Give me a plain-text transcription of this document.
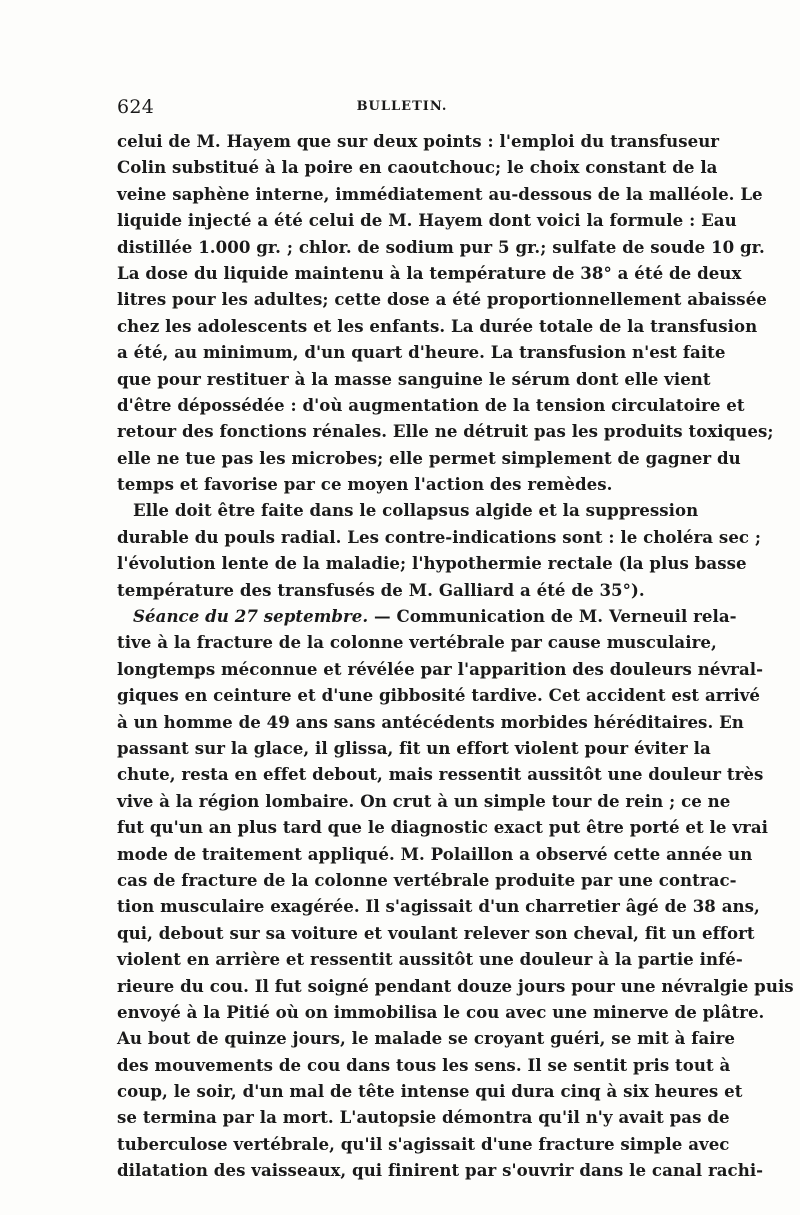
624	BULLETIN.
celui de M. Hayem que sur deux points : l'emploi du transfuseur
Colin substitué à la poire en caoutchouc; le choix constant de la
veine saphène interne, immédiatement au-dessous de la malléole. Le
liquide injecté a été celui de M. Hayem dont voici la formule : Eau
distillée 1.000 gr. ; chlor. de sodium pur 5 gr.; sulfate de soude 10 gr.
La dose du liquide maintenu à la température de 38° a été de deux
litres pour les adultes; cette dose a été proportionnellement abaissée
chez les adolescents et les enfants. La durée totale de la transfusion
a été, au minimum, d'un quart d'heure. La transfusion n'est faite
que pour restituer à la masse sanguine le sérum dont elle vient
d'être dépossédée : d'où augmentation de la tension circulatoire et
retour des fonctions rénales. Elle ne détruit pas les produits toxiques;
elle ne tue pas les microbes; elle permet simplement de gagner du
temps et favorise par ce moyen l'action des remèdes.
Elle doit être faite dans le collapsus algide et la suppression
durable du pouls radial. Les contre-indications sont : le choléra sec ;
l'évolution lente de la maladie; l'hypothermie rectale (la plus basse
température des transfusés de M. Galliard a été de 35°).
Séance du 27 septembre. — Communication de M. Verneuil rela-
tive à la fracture de la colonne vertébrale par cause musculaire,
longtemps méconnue et révélée par l'apparition des douleurs névral-
giques en ceinture et d'une gibbosité tardive. Cet accident est arrivé
à un homme de 49 ans sans antécédents morbides héréditaires. En
passant sur la glace, il glissa, fit un effort violent pour éviter la
chute, resta en effet debout, mais ressentit aussitôt une douleur très
vive à la région lombaire. On crut à un simple tour de rein ; ce ne
fut qu'un an plus tard que le diagnostic exact put être porté et le vrai
mode de traitement appliqué. M. Polaillon a observé cette année un
cas de fracture de la colonne vertébrale produite par une contrac-
tion musculaire exagérée. Il s'agissait d'un charretier âgé de 38 ans,
qui, debout sur sa voiture et voulant relever son cheval, fit un effort
violent en arrière et ressentit aussitôt une douleur à la partie infé-
rieure du cou. Il fut soigné pendant douze jours pour une névralgie puis
envoyé à la Pitié où on immobilisa le cou avec une minerve de plâtre.
Au bout de quinze jours, le malade se croyant guéri, se mit à faire
des mouvements de cou dans tous les sens. Il se sentit pris tout à
coup, le soir, d'un mal de tête intense qui dura cinq à six heures et
se termina par la mort. L'autopsie démontra qu'il n'y avait pas de
tuberculose vertébrale, qu'il s'agissait d'une fracture simple avec
dilatation des vaisseaux, qui finirent par s'ouvrir dans le canal rachi-
